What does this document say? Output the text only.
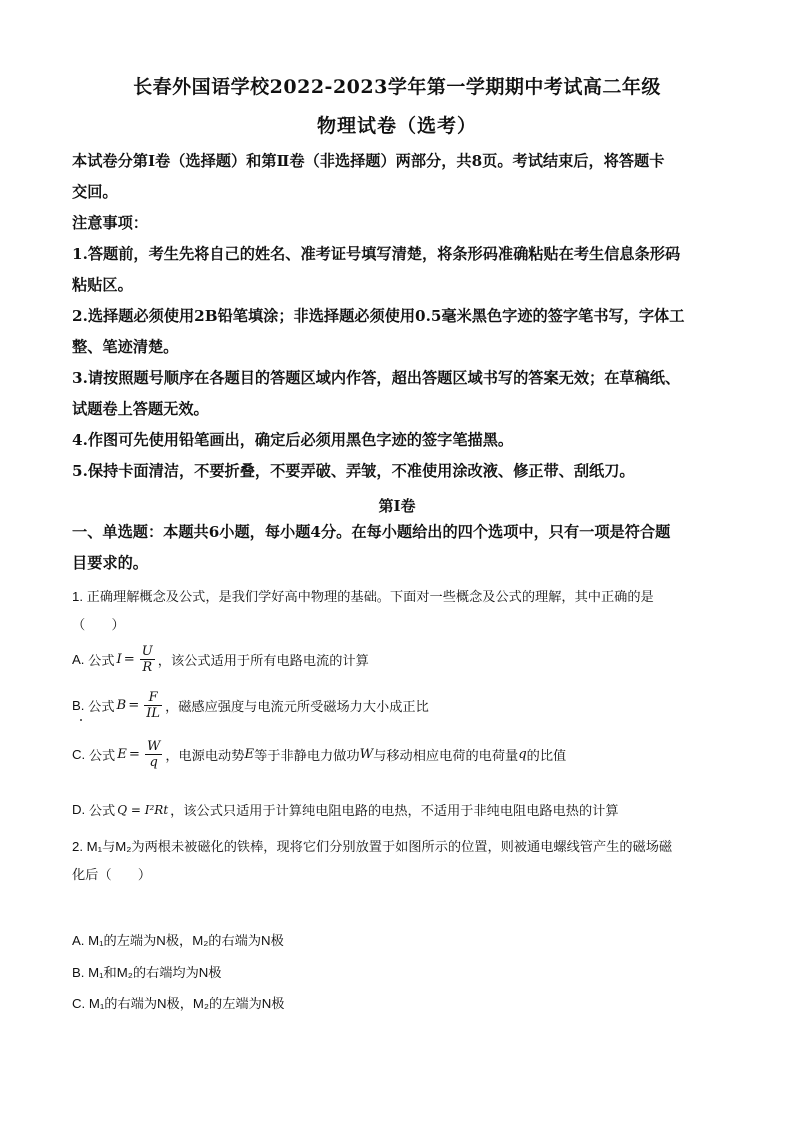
长春外国语学校2022-2023学年第一学期期中考试高二年级
物理试卷（选考）
本试卷分第Ⅰ卷（选择题）和第Ⅱ卷（非选择题）两部分，共8页。考试结束后，将答题卡
交回。
注意事项：
1.答题前，考生先将自己的姓名、准考证号填写清楚，将条形码准确粘贴在考生信息条形码
粘贴区。
2.选择题必须使用2B铅笔填涂；非选择题必须使用0.5毫米黑色字迹的签字笔书写，字体工
整、笔迹清楚。
3.请按照题号顺序在各题目的答题区域内作答，超出答题区域书写的答案无效；在草稿纸、
试题卷上答题无效。
4.作图可先使用铅笔画出，确定后必须用黑色字迹的签字笔描黑。
5.保持卡面清洁，不要折叠，不要弄破、弄皱，不准使用涂改液、修正带、刮纸刀。
第Ⅰ卷
一、单选题：本题共6小题，每小题4分。在每小题给出的四个选项中，只有一项是符合题
目要求的。
1. 正确理解概念及公式，是我们学好高中物理的基础。下面对一些概念及公式的理解，其中正确的是
（　　）
A.
公式 $I = \frac{U}{R}$ ，该公式适用于所有电路电流的计算
B.
公式 $B = \frac{F}{IL}$ ，磁感应强度与电流元所受磁场力大小成正比
C.
公式 $E = \frac{W}{q}$ ，电源电动势 E 等于非静电力做功 W 与移动相应电荷的电荷量 q 的比值
D.
公式 Q = I²Rt ，该公式只适用于计算纯电阻电路的电热，不适用于非纯电阻电路电热的计算
2. M₁与M₂为两根未被磁化的铁棒，现将它们分别放置于如图所示的位置，则被通电螺线管产生的磁场磁
化后（　　）
A. M₁的左端为N极，M₂的右端为N极
B. M₁和M₂的右端均为N极
C. M₁的右端为N极，M₂的左端为N极
